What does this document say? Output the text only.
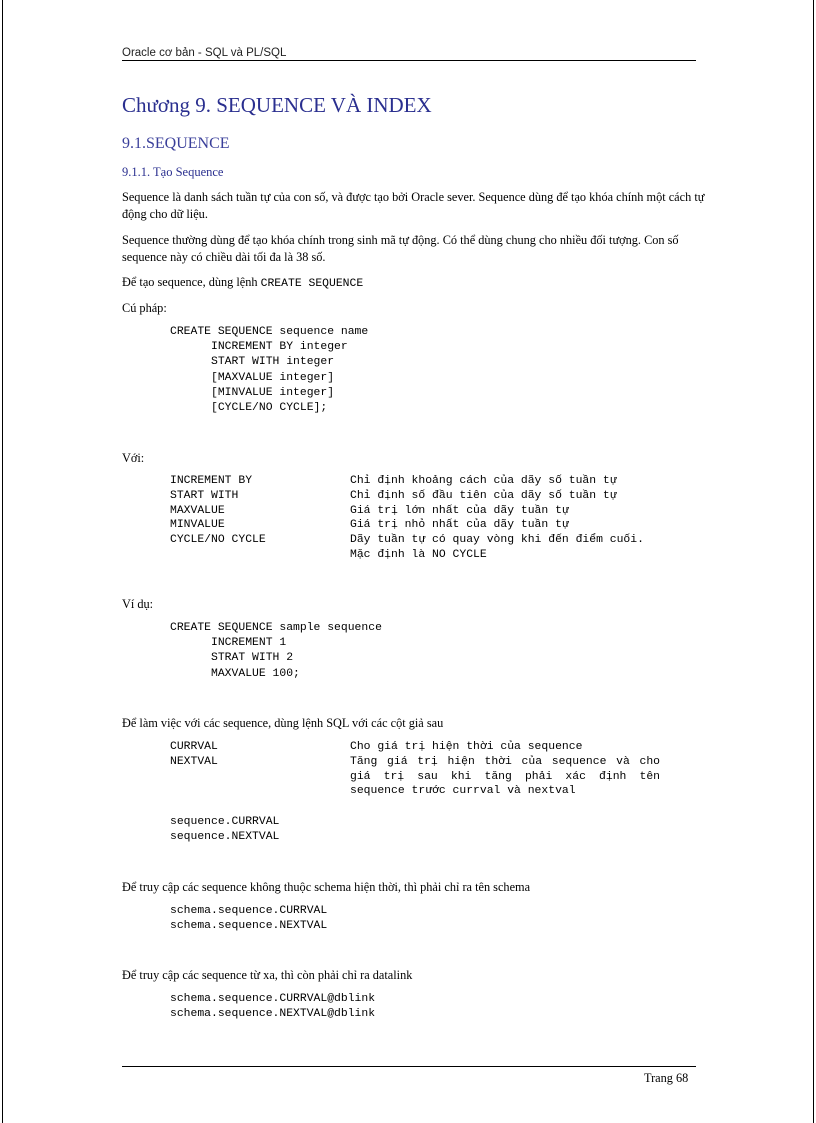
Oracle cơ bản - SQL và PL/SQL
Chương 9. SEQUENCE VÀ INDEX
9.1.SEQUENCE
9.1.1. Tạo Sequence

Sequence là danh sách tuần tự của con số, và được tạo bởi Oracle sever. Sequence dùng để tạo khóa chính một cách tự động cho dữ liệu.

Sequence thường dùng để tạo khóa chính trong sinh mã tự động. Có thể dùng chung cho nhiều đối tượng. Con số sequence này có chiều dài tối đa là 38 số.

Để tạo sequence, dùng lệnh CREATE SEQUENCE

Cú pháp:

CREATE SEQUENCE sequence name
INCREMENT BY integer
START WITH integer
[MAXVALUE integer]
[MINVALUE integer]
[CYCLE/NO CYCLE];

Với:

INCREMENT BY	Chỉ định khoảng cách của dãy số tuần tự
START WITH	Chỉ định số đầu tiên của dãy số tuần tự
MAXVALUE	Giá trị lớn nhất của dãy tuần tự
MINVALUE	Giá trị nhỏ nhất của dãy tuần tự
CYCLE/NO CYCLE	Dãy tuần tự có quay vòng khi đến điểm cuối. Mặc định là NO CYCLE

Ví dụ:

CREATE SEQUENCE sample sequence
INCREMENT 1
STRAT WITH 2
MAXVALUE 100;

Để làm việc với các sequence, dùng lệnh SQL với các cột giả sau

CURRVAL	Cho giá trị hiện thời của sequence
NEXTVAL	Tăng giá trị hiện thời của sequence và cho giá trị sau khi tăng phải xác định tên sequence trước currval và nextval
sequence.CURRVAL
sequence.NEXTVAL

Để truy cập các sequence không thuộc schema hiện thời, thì phải chỉ ra tên schema

schema.sequence.CURRVAL
schema.sequence.NEXTVAL

Để truy cập các sequence từ xa, thì còn phải chỉ ra datalink

schema.sequence.CURRVAL@dblink
schema.sequence.NEXTVAL@dblink
Trang 68
